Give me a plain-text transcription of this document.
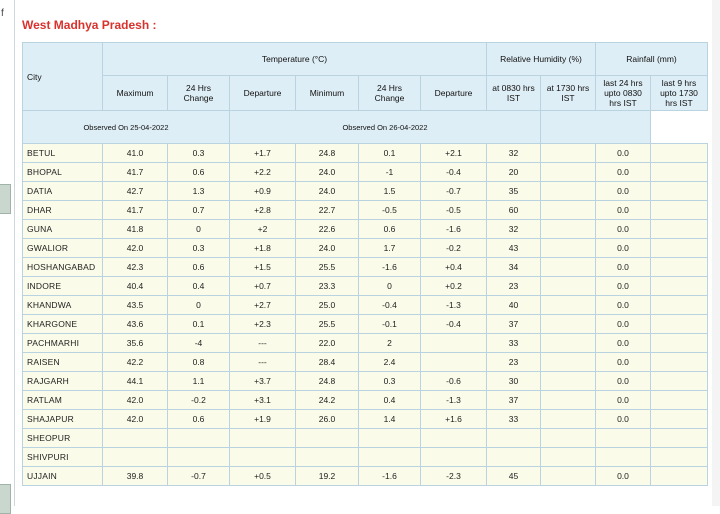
f
West Madhya Pradesh :
City	Temperature (°C)						Relative Humidity (%)		Rainfall (mm)	
	Maximum	24 Hrs Change	Departure	Minimum	24 Hrs Change	Departure	at 0830 hrs IST	at 1730 hrs IST	last 24 hrs upto 0830 hrs IST	last 9 hrs upto 1730 hrs IST
Observed On 25-04-2022			Observed On 26-04-2022							
BETUL	41.0	0.3	+1.7	24.8	0.1	+2.1	32		0.0	
BHOPAL	41.7	0.6	+2.2	24.0	-1	-0.4	20		0.0	
DATIA	42.7	1.3	+0.9	24.0	1.5	-0.7	35		0.0	
DHAR	41.7	0.7	+2.8	22.7	-0.5	-0.5	60		0.0	
GUNA	41.8	0	+2	22.6	0.6	-1.6	32		0.0	
GWALIOR	42.0	0.3	+1.8	24.0	1.7	-0.2	43		0.0	
HOSHANGABAD	42.3	0.6	+1.5	25.5	-1.6	+0.4	34		0.0	
INDORE	40.4	0.4	+0.7	23.3	0	+0.2	23		0.0	
KHANDWA	43.5	0	+2.7	25.0	-0.4	-1.3	40		0.0	
KHARGONE	43.6	0.1	+2.3	25.5	-0.1	-0.4	37		0.0	
PACHMARHI	35.6	-4	---	22.0	2		33		0.0	
RAISEN	42.2	0.8	---	28.4	2.4		23		0.0	
RAJGARH	44.1	1.1	+3.7	24.8	0.3	-0.6	30		0.0	
RATLAM	42.0	-0.2	+3.1	24.2	0.4	-1.3	37		0.0	
SHAJAPUR	42.0	0.6	+1.9	26.0	1.4	+1.6	33		0.0	
SHEOPUR										
SHIVPURI										
UJJAIN	39.8	-0.7	+0.5	19.2	-1.6	-2.3	45		0.0	
